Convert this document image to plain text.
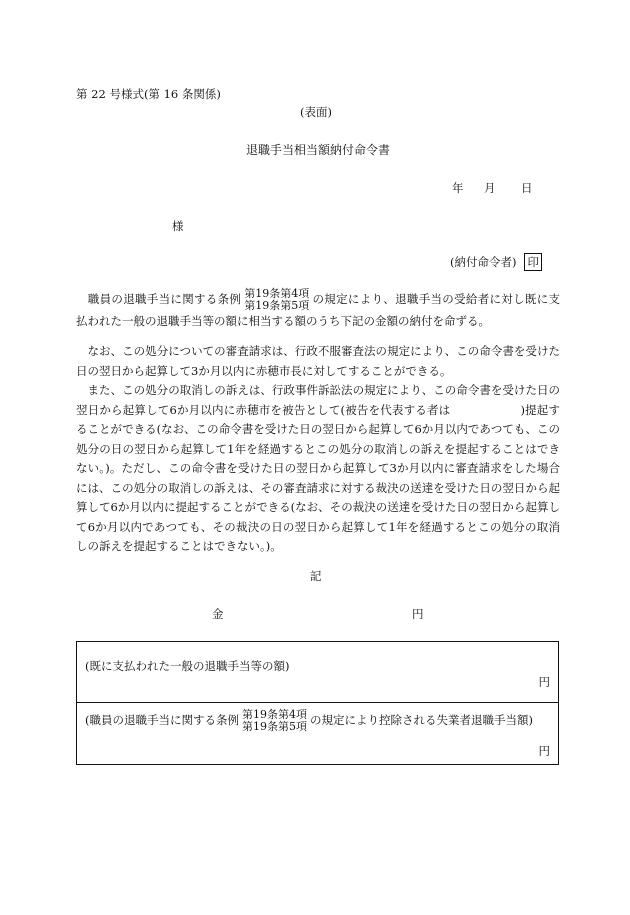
第 22 号様式(第 16 条関係)
(表面)
退職手当相当額納付命令書
年 月 日
様
(納付命令者) 印
職員の退職手当に関する条例 第19条第4項
第19条第5項 の規定により、退職手当の受給者に対し既に支払われた一般の退職手当等の額に相当する額のうち下記の金額の納付を命ずる。
なお、この処分についての審査請求は、行政不服審査法の規定により、この命令書を受けた日の翌日から起算して3か月以内に赤穂市長に対してすることができる。
また、この処分の取消しの訴えは、行政事件訴訟法の規定により、この命令書を受けた日の翌日から起算して6か月以内に赤穂市を被告として(被告を代表する者は　　　　　　)提起することができる(なお、この命令書を受けた日の翌日から起算して6か月以内であつても、この処分の日の翌日から起算して1年を経過するとこの処分の取消しの訴えを提起することはできない。)。ただし、この命令書を受けた日の翌日から起算して3か月以内に審査請求をした場合には、この処分の取消しの訴えは、その審査請求に対する裁決の送達を受けた日の翌日から起算して6か月以内に提起することができる(なお、その裁決の送達を受けた日の翌日から起算して6か月以内であつても、その裁決の日の翌日から起算して1年を経過するとこの処分の取消しの訴えを提起することはできない。)。
記
金	円
(既に支払われた一般の退職手当等の額)
円
(職員の退職手当に関する条例 第19条第4項
第19条第5項 の規定により控除される失業者退職手当額)
円
